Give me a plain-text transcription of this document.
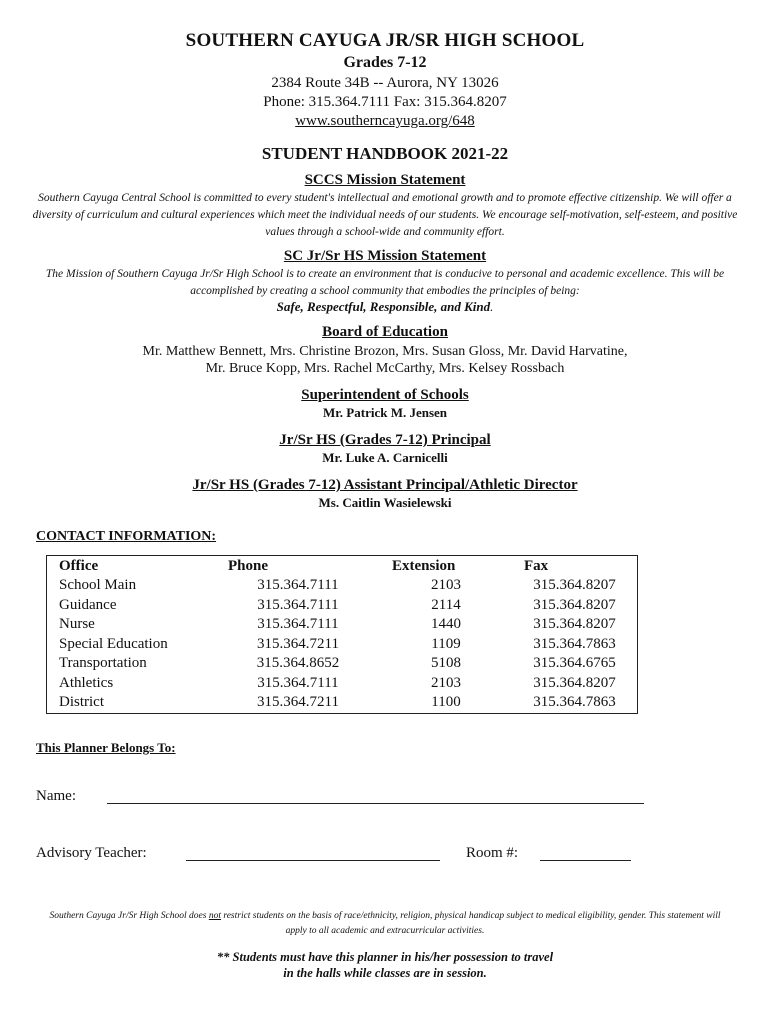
SOUTHERN CAYUGA JR/SR HIGH SCHOOL
Grades 7-12
2384 Route 34B -- Aurora, NY 13026
Phone: 315.364.7111 Fax: 315.364.8207
www.southerncayuga.org/648
STUDENT HANDBOOK 2021-22
SCCS Mission Statement
Southern Cayuga Central School is committed to every student's intellectual and emotional growth and to promote effective citizenship. We will offer a diversity of curriculum and cultural experiences which meet the individual needs of our students. We encourage self-motivation, self-esteem, and positive values through a school-wide and community effort.
SC Jr/Sr HS Mission Statement
The Mission of Southern Cayuga Jr/Sr High School is to create an environment that is conducive to personal and academic excellence. This will be accomplished by creating a school community that embodies the principles of being:
Safe, Respectful, Responsible, and Kind.
Board of Education
Mr. Matthew Bennett, Mrs. Christine Brozon, Mrs. Susan Gloss, Mr. David Harvatine,
Mr. Bruce Kopp, Mrs. Rachel McCarthy, Mrs. Kelsey Rossbach
Superintendent of Schools
Mr. Patrick M. Jensen
Jr/Sr HS (Grades 7-12) Principal
Mr. Luke A. Carnicelli
Jr/Sr HS (Grades 7-12) Assistant Principal/Athletic Director
Ms. Caitlin Wasielewski
CONTACT INFORMATION:
Office	Phone	Extension	Fax
School Main	315.364.7111	2103	315.364.8207
Guidance	315.364.7111	2114	315.364.8207
Nurse	315.364.7111	1440	315.364.8207
Special Education	315.364.7211	1109	315.364.7863
Transportation	315.364.8652	5108	315.364.6765
Athletics	315.364.7111	2103	315.364.8207
District	315.364.7211	1100	315.364.7863
This Planner Belongs To:
Name:
Advisory Teacher:	Room #:
Southern Cayuga Jr/Sr High School does not restrict students on the basis of race/ethnicity, religion, physical handicap subject to medical eligibility, gender. This statement will apply to all academic and extracurricular activities.
** Students must have this planner in his/her possession to travel
in the halls while classes are in session.
